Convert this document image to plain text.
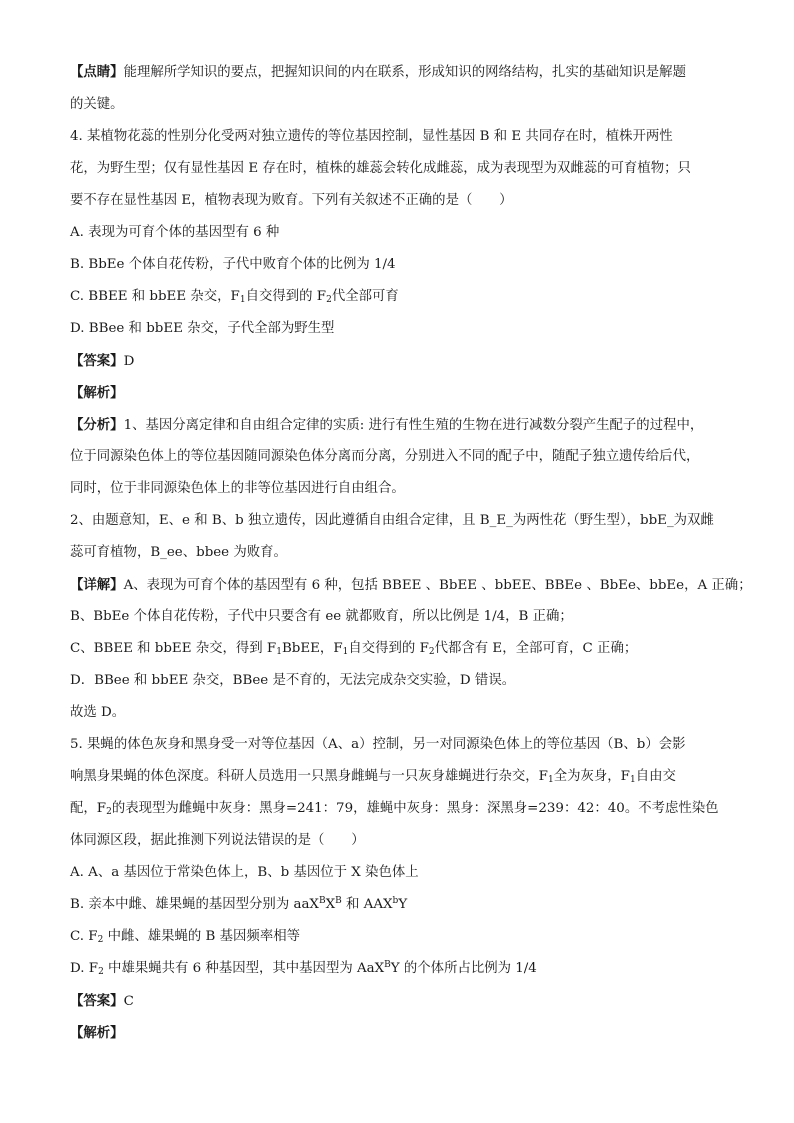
【点睛】能理解所学知识的要点，把握知识间的内在联系，形成知识的网络结构，扎实的基础知识是解题
的关键。
4. 某植物花蕊的性别分化受两对独立遗传的等位基因控制，显性基因 B 和 E 共同存在时，植株开两性
花，为野生型；仅有显性基因 E 存在时，植株的雄蕊会转化成雌蕊，成为表现型为双雌蕊的可育植物；只
要不存在显性基因 E，植物表现为败育。下列有关叙述不正确的是（　　）
A. 表现为可育个体的基因型有 6 种
B. BbEe 个体自花传粉，子代中败育个体的比例为 1/4
C. BBEE 和 bbEE 杂交，$F_1$自交得到的 $F_2$代全部可育
D. BBee 和 bbEE 杂交，子代全部为野生型
【答案】D
【解析】
【分析】1、基因分离定律和自由组合定律的实质: 进行有性生殖的生物在进行减数分裂产生配子的过程中，
位于同源染色体上的等位基因随同源染色体分离而分离，分别进入不同的配子中，随配子独立遗传给后代，
同时，位于非同源染色体上的非等位基因进行自由组合。
2、由题意知，E、e 和 B、b 独立遗传，因此遵循自由组合定律，且 B_E_为两性花（野生型），bbE_为双雌
蕊可育植物，B_ee、bbee 为败育。
【详解】A、表现为可育个体的基因型有 6 种，包括 BBEE 、BbEE 、bbEE、BBEe 、BbEe、bbEe，A 正确；
B、BbEe 个体自花传粉，子代中只要含有 ee 就都败育，所以比例是 1/4，B 正确；
C、BBEE 和 bbEE 杂交，得到 $F_1BbEE$，$F_1$自交得到的 $F_2$代都含有 E，全部可育，C 正确；
D．BBee 和 bbEE 杂交，BBee 是不育的，无法完成杂交实验，D 错误。
故选 D。
5. 果蝇的体色灰身和黑身受一对等位基因（A、a）控制，另一对同源染色体上的等位基因（B、b）会影
响黑身果蝇的体色深度。科研人员选用一只黑身雌蝇与一只灰身雄蝇进行杂交，$F_1$全为灰身，$F_1$自由交
配，$F_2$的表现型为雌蝇中灰身：黑身=241：79，雄蝇中灰身：黑身：深黑身=239：42：40。不考虑性染色
体同源区段，据此推测下列说法错误的是（　　）
A. A、a 基因位于常染色体上，B、b 基因位于 X 染色体上
B. 亲本中雌、雄果蝇的基因型分别为 $aaX^BX^B$ 和 AAX$^b$Y
C. $F_2$ 中雌、雄果蝇的 B 基因频率相等
D. $F_2$ 中雄果蝇共有 6 种基因型，其中基因型为 AaX$^B$Y 的个体所占比例为 1/4
【答案】C
【解析】
